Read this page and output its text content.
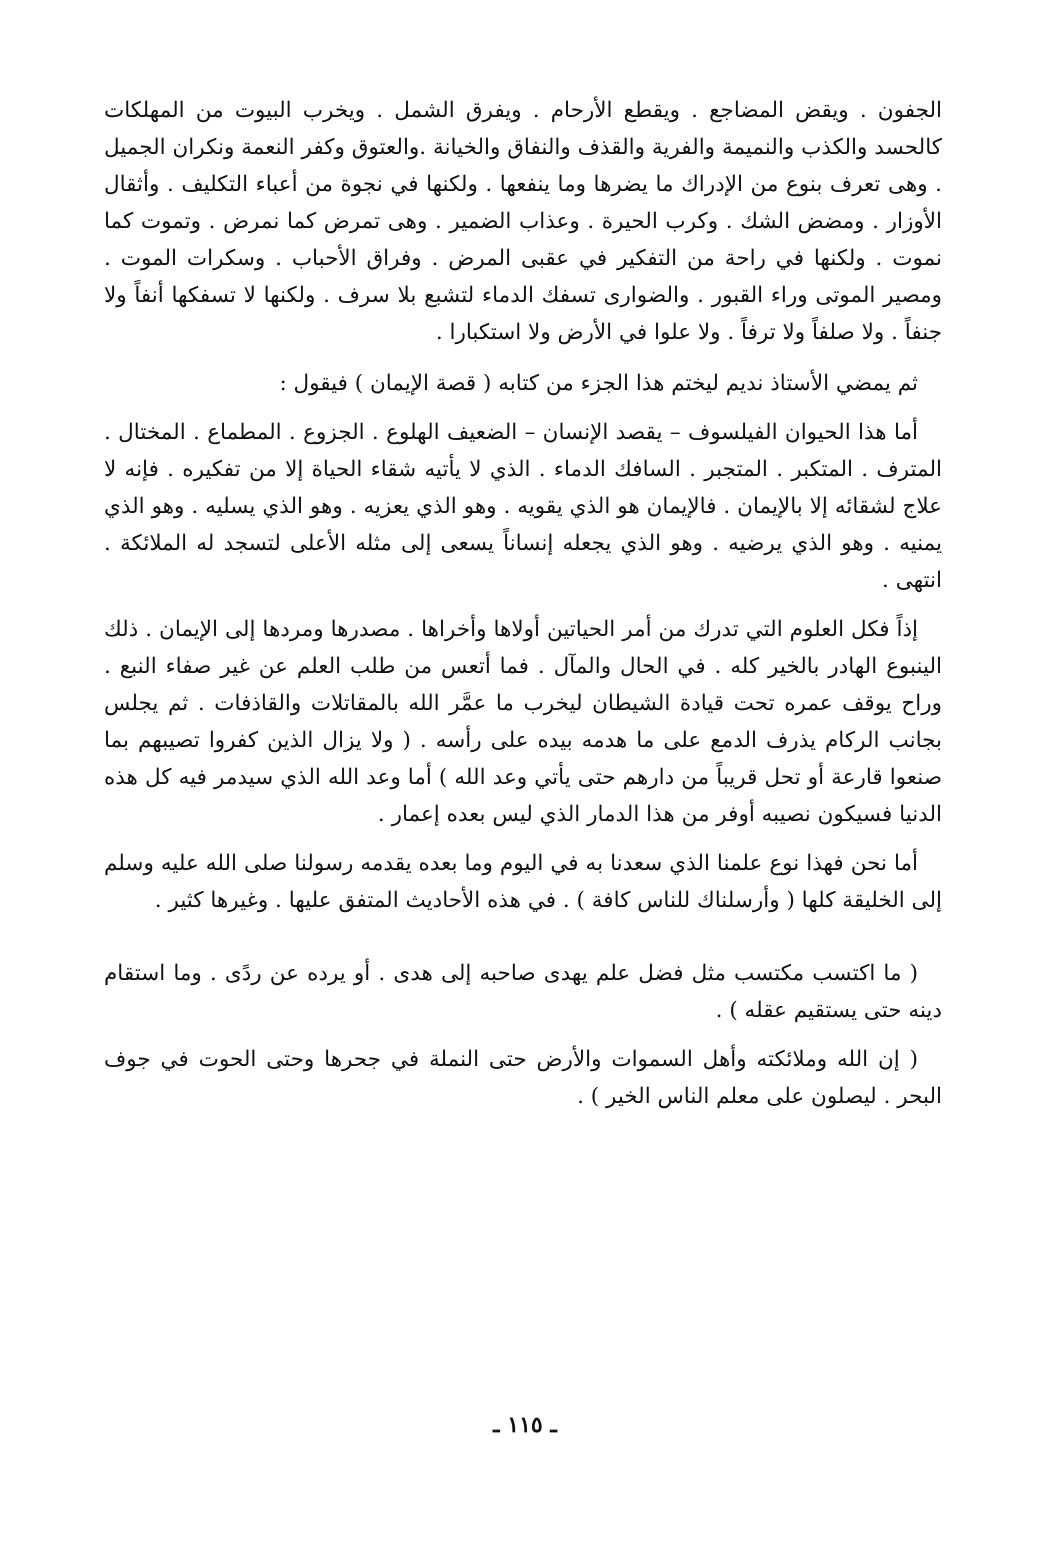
الجفون . ويقض المضاجع . ويقطع الأرحام . ويفرق الشمل . ويخرب البيوت من المهلكات كالحسد والكذب والنميمة والفرية والقذف والنفاق والخيانة .والعتوق وكفر النعمة ونكران الجميل . وهى تعرف بنوع من الإدراك ما يضرها وما ينفعها . ولكنها في نجوة من أعباء التكليف . وأثقال الأوزار . ومضض الشك . وكرب الحيرة . وعذاب الضمير . وهى تمرض كما نمرض . وتموت كما نموت . ولكنها في راحة من التفكير في عقبى المرض . وفراق الأحباب . وسكرات الموت . ومصير الموتى وراء القبور . والضوارى تسفك الدماء لتشبع بلا سرف . ولكنها لا تسفكها أنفاً ولا جنفاً . ولا صلفاً ولا ترفاً . ولا علوا في الأرض ولا استكبارا .

ثم يمضي الأستاذ نديم ليختم هذا الجزء من كتابه ( قصة الإيمان ) فيقول :

أما هذا الحيوان الفيلسوف – يقصد الإنسان – الضعيف الهلوع . الجزوع . المطماع . المختال . المترف . المتكبر . المتجبر . السافك الدماء . الذي لا يأتيه شقاء الحياة إلا من تفكيره . فإنه لا علاج لشقائه إلا بالإيمان . فالإيمان هو الذي يقويه . وهو الذي يعزيه . وهو الذي يسليه . وهو الذي يمنيه . وهو الذي يرضيه . وهو الذي يجعله إنساناً يسعى إلى مثله الأعلى لتسجد له الملائكة . انتهى .

إذاً فكل العلوم التي تدرك من أمر الحياتين أولاها وأخراها . مصدرها ومردها إلى الإيمان . ذلك الينبوع الهادر بالخير كله . في الحال والمآل . فما أتعس من طلب العلم عن غير صفاء النبع . وراح يوقف عمره تحت قيادة الشيطان ليخرب ما عمَّر الله بالمقاتلات والقاذفات . ثم يجلس بجانب الركام يذرف الدمع على ما هدمه بيده على رأسه . ( ولا يزال الذين كفروا تصيبهم بما صنعوا قارعة أو تحل قريباً من دارهم حتى يأتي وعد الله ) أما وعد الله الذي سيدمر فيه كل هذه الدنيا فسيكون نصيبه أوفر من هذا الدمار الذي ليس بعده إعمار .

أما نحن فهذا نوع علمنا الذي سعدنا به في اليوم وما بعده يقدمه رسولنا صلى الله عليه وسلم إلى الخليقة كلها ( وأرسلناك للناس كافة ) . في هذه الأحاديث المتفق عليها . وغيرها كثير .

( ما اكتسب مكتسب مثل فضل علم يهدى صاحبه إلى هدى . أو يرده عن ردًى . وما استقام دينه حتى يستقيم عقله ) .

( إن الله وملائكته وأهل السموات والأرض حتى النملة في جحرها وحتى الحوت في جوف البحر . ليصلون على معلم الناس الخير ) .

ـ ١١٥ ـ
